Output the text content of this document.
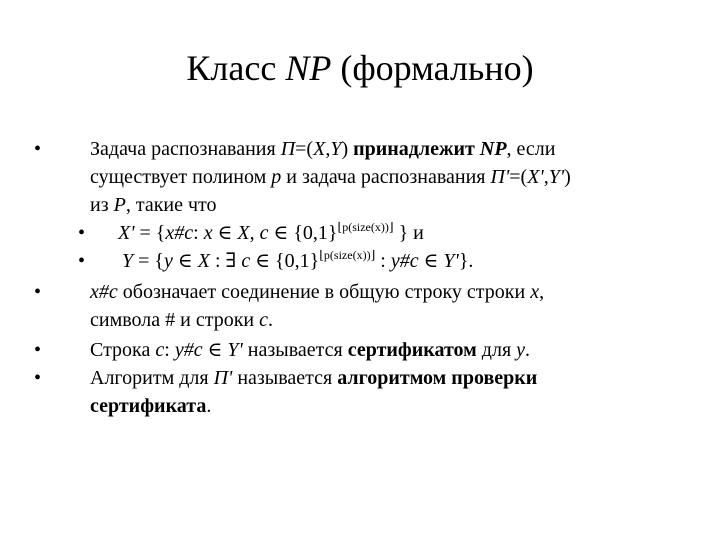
Класс NP (формально)
• Задача распознавания Π=(X,Y) принадлежит NP, если
существует полином p и задача распознавания Π'=(X',Y')
из P, такие что
• X' = {x#c: x ∈ X, c ∈ $\{0,1\}^{⌊p(size(x))⌋}$ } и
• Y = {y ∈ X : ∃ c ∈ $\{0,1\}^{⌊p(size(x))⌋}$ : y#c ∈ Y'}.
• x#c обозначает соединение в общую строку строки x,
символа # и строки c.
• Строка c: y#c ∈ Y' называется сертификатом для y.
• Алгоритм для Π' называется алгоритмом проверки
сертификата.
